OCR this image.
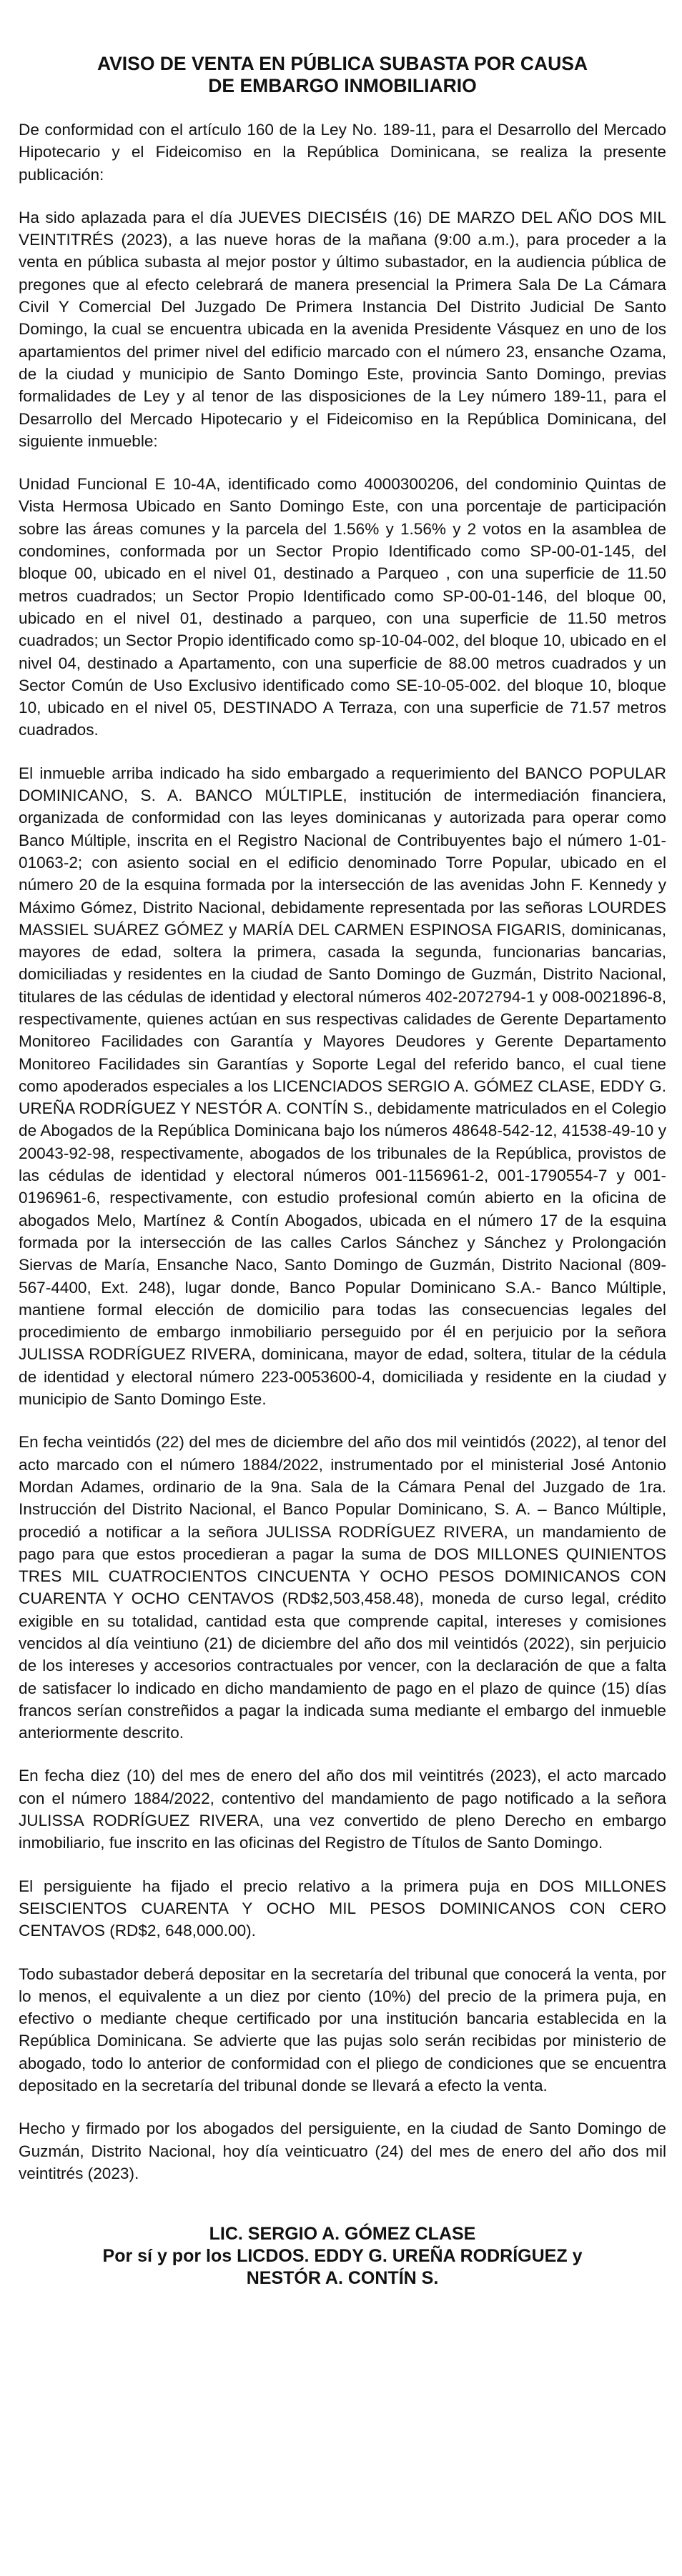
AVISO DE VENTA EN PÚBLICA SUBASTA POR CAUSA
DE EMBARGO INMOBILIARIO

De conformidad con el artículo 160 de la Ley No. 189-11, para el Desarrollo del Mercado Hipotecario y el Fideicomiso en la República Dominicana, se realiza la presente publicación:

Ha sido aplazada para el día JUEVES DIECISÉIS (16) DE MARZO DEL AÑO DOS MIL VEINTITRÉS (2023), a las nueve horas de la mañana (9:00 a.m.), para proceder a la venta en pública subasta al mejor postor y último subastador, en la audiencia pública de pregones que al efecto celebrará de manera presencial la Primera Sala De La Cámara Civil Y Comercial Del Juzgado De Primera Instancia Del Distrito Judicial De Santo Domingo, la cual se encuentra ubicada en la avenida Presidente Vásquez en uno de los apartamientos del primer nivel del edificio marcado con el número 23, ensanche Ozama, de la ciudad y municipio de Santo Domingo Este, provincia Santo Domingo, previas formalidades de Ley y al tenor de las disposiciones de la Ley número 189-11, para el Desarrollo del Mercado Hipotecario y el Fideicomiso en la República Dominicana, del siguiente inmueble:

Unidad Funcional E 10-4A, identificado como 4000300206, del condominio Quintas de Vista Hermosa Ubicado en Santo Domingo Este, con una porcentaje de participación sobre las áreas comunes y la parcela del 1.56% y 1.56% y 2 votos en la asamblea de condomines, conformada por un Sector Propio Identificado como SP-00-01-145, del bloque 00, ubicado en el nivel 01, destinado a Parqueo , con una superficie de 11.50 metros cuadrados; un Sector Propio Identificado como SP-00-01-146, del bloque 00, ubicado en el nivel 01, destinado a parqueo, con una superficie de 11.50 metros cuadrados; un Sector Propio identificado como sp-10-04-002, del bloque 10, ubicado en el nivel 04, destinado a Apartamento, con una superficie de 88.00 metros cuadrados y un Sector Común de Uso Exclusivo identificado como SE-10-05-002. del bloque 10, bloque 10, ubicado en el nivel 05, DESTINADO A Terraza, con una superficie de 71.57 metros cuadrados.

El inmueble arriba indicado ha sido embargado a requerimiento del BANCO POPULAR DOMINICANO, S. A. BANCO MÚLTIPLE, institución de intermediación financiera, organizada de conformidad con las leyes dominicanas y autorizada para operar como Banco Múltiple, inscrita en el Registro Nacional de Contribuyentes bajo el número 1-01-01063-2; con asiento social en el edificio denominado Torre Popular, ubicado en el número 20 de la esquina formada por la intersección de las avenidas John F. Kennedy y Máximo Gómez, Distrito Nacional, debidamente representada por las señoras LOURDES MASSIEL SUÁREZ GÓMEZ y MARÍA DEL CARMEN ESPINOSA FIGARIS, dominicanas, mayores de edad, soltera la primera, casada la segunda, funcionarias bancarias, domiciliadas y residentes en la ciudad de Santo Domingo de Guzmán, Distrito Nacional, titulares de las cédulas de identidad y electoral números 402-2072794-1 y 008-0021896-8, respectivamente, quienes actúan en sus respectivas calidades de Gerente Departamento Monitoreo Facilidades con Garantía y Mayores Deudores y Gerente Departamento Monitoreo Facilidades sin Garantías y Soporte Legal del referido banco, el cual tiene como apoderados especiales a los LICENCIADOS SERGIO A. GÓMEZ CLASE, EDDY G. UREÑA RODRÍGUEZ Y NESTÓR A. CONTÍN S., debidamente matriculados en el Colegio de Abogados de la República Dominicana bajo los números 48648-542-12, 41538-49-10 y 20043-92-98, respectivamente, abogados de los tribunales de la República, provistos de las cédulas de identidad y electoral números 001-1156961-2, 001-1790554-7 y 001-0196961-6, respectivamente, con estudio profesional común abierto en la oficina de abogados Melo, Martínez & Contín Abogados, ubicada en el número 17 de la esquina formada por la intersección de las calles Carlos Sánchez y Sánchez y Prolongación Siervas de María, Ensanche Naco, Santo Domingo de Guzmán, Distrito Nacional (809-567-4400, Ext. 248), lugar donde, Banco Popular Dominicano S.A.- Banco Múltiple, mantiene formal elección de domicilio para todas las consecuencias legales del procedimiento de embargo inmobiliario perseguido por él en perjuicio por la señora JULISSA RODRÍGUEZ RIVERA, dominicana, mayor de edad, soltera, titular de la cédula de identidad y electoral número 223-0053600-4, domiciliada y residente en la ciudad y municipio de Santo Domingo Este.

En fecha veintidós (22) del mes de diciembre del año dos mil veintidós (2022), al tenor del acto marcado con el número 1884/2022, instrumentado por el ministerial José Antonio Mordan Adames, ordinario de la 9na. Sala de la Cámara Penal del Juzgado de 1ra. Instrucción del Distrito Nacional, el Banco Popular Dominicano, S. A. – Banco Múltiple, procedió a notificar a la señora JULISSA RODRÍGUEZ RIVERA, un mandamiento de pago para que estos procedieran a pagar la suma de DOS MILLONES QUINIENTOS TRES MIL CUATROCIENTOS CINCUENTA Y OCHO PESOS DOMINICANOS CON CUARENTA Y OCHO CENTAVOS (RD$2,503,458.48), moneda de curso legal, crédito exigible en su totalidad, cantidad esta que comprende capital, intereses y comisiones vencidos al día veintiuno (21) de diciembre del año dos mil veintidós (2022), sin perjuicio de los intereses y accesorios contractuales por vencer, con la declaración de que a falta de satisfacer lo indicado en dicho mandamiento de pago en el plazo de quince (15) días francos serían constreñidos a pagar la indicada suma mediante el embargo del inmueble anteriormente descrito.

En fecha diez (10) del mes de enero del año dos mil veintitrés (2023), el acto marcado con el número 1884/2022, contentivo del mandamiento de pago notificado a la señora JULISSA RODRÍGUEZ RIVERA, una vez convertido de pleno Derecho en embargo inmobiliario, fue inscrito en las oficinas del Registro de Títulos de Santo Domingo.

El persiguiente ha fijado el precio relativo a la primera puja en DOS MILLONES SEISCIENTOS CUARENTA Y OCHO MIL PESOS DOMINICANOS CON CERO CENTAVOS (RD$2, 648,000.00).

Todo subastador deberá depositar en la secretaría del tribunal que conocerá la venta, por lo menos, el equivalente a un diez por ciento (10%) del precio de la primera puja, en efectivo o mediante cheque certificado por una institución bancaria establecida en la República Dominicana. Se advierte que las pujas solo serán recibidas por ministerio de abogado, todo lo anterior de conformidad con el pliego de condiciones que se encuentra depositado en la secretaría del tribunal donde se llevará a efecto la venta.

Hecho y firmado por los abogados del persiguiente, en la ciudad de Santo Domingo de Guzmán, Distrito Nacional, hoy día veinticuatro (24) del mes de enero del año dos mil veintitrés (2023).

LIC. SERGIO A. GÓMEZ CLASE
Por sí y por los LICDOS. EDDY G. UREÑA RODRÍGUEZ y
NESTÓR A. CONTÍN S.
